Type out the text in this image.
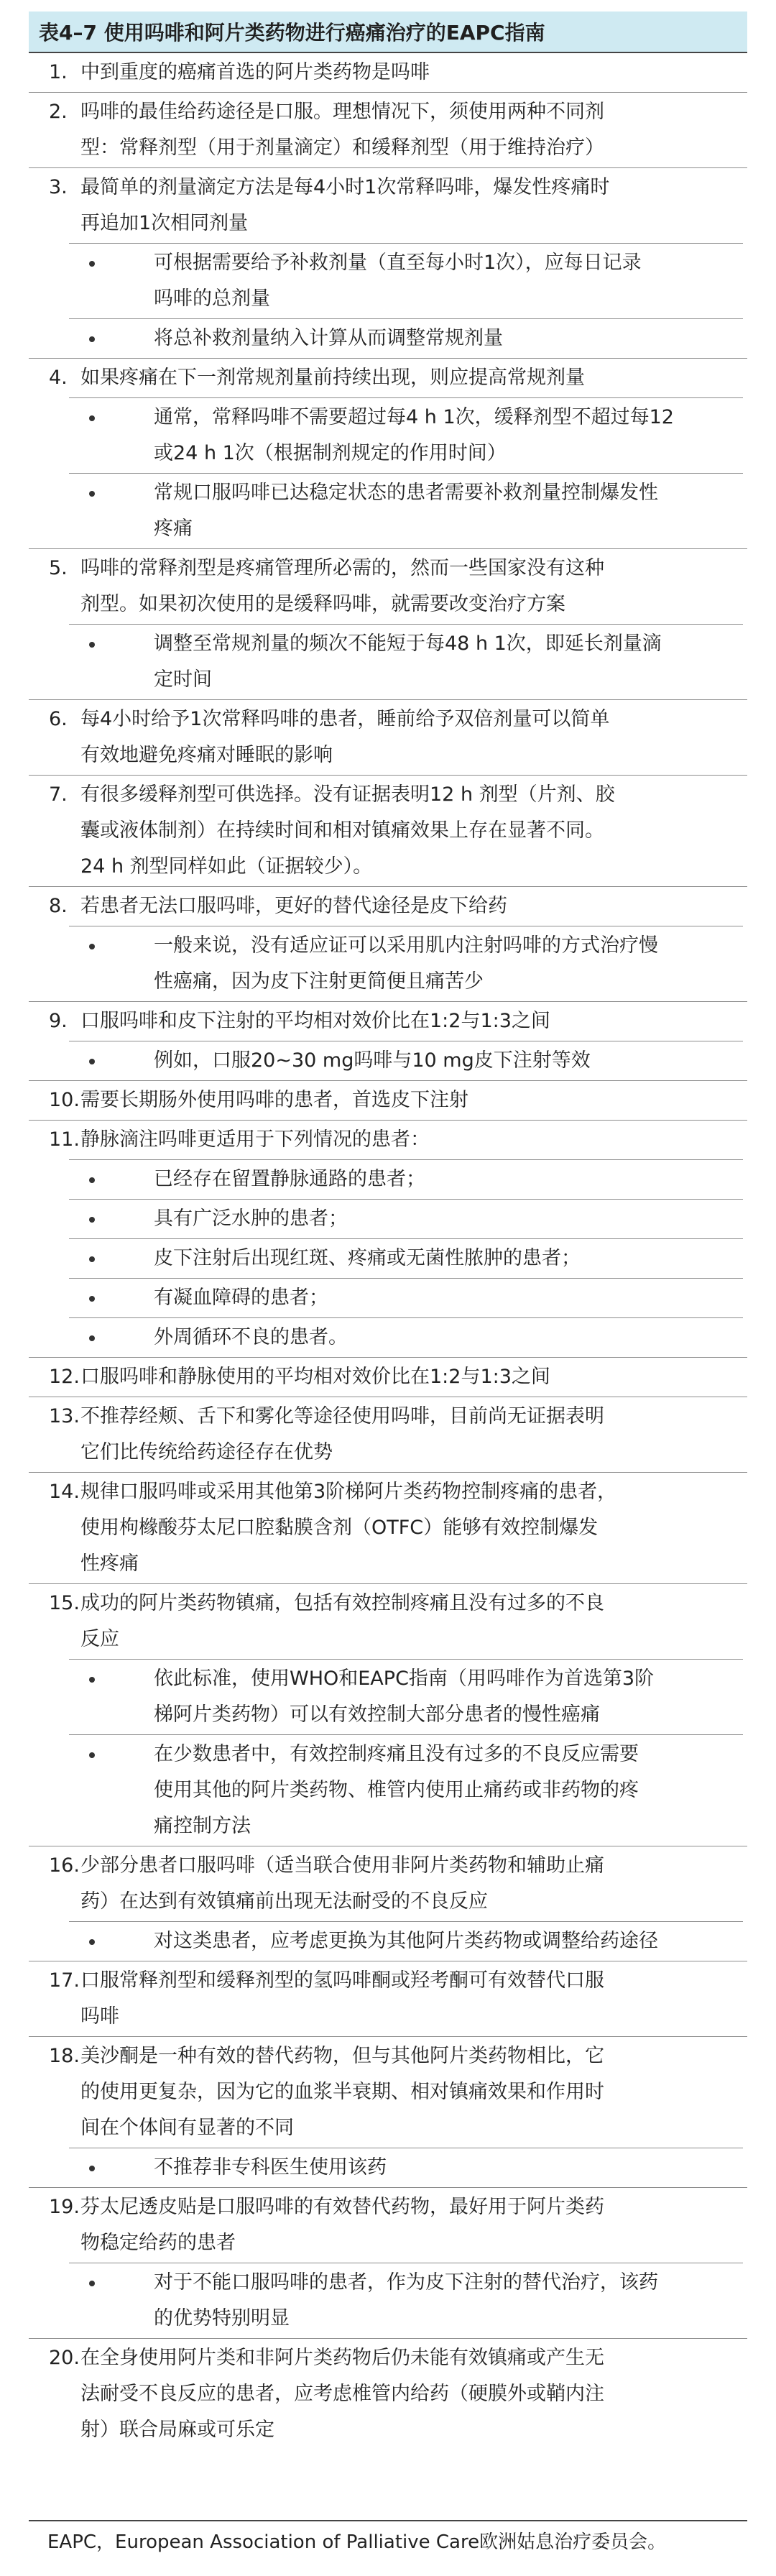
表4–7 使用吗啡和阿片类药物进行癌痛治疗的EAPC指南
1. 中到重度的癌痛首选的阿片类药物是吗啡
2. 吗啡的最佳给药途径是口服。理想情况下，须使用两种不同剂
型：常释剂型（用于剂量滴定）和缓释剂型（用于维持治疗）
3. 最简单的剂量滴定方法是每4小时1次常释吗啡，爆发性疼痛时
再追加1次相同剂量
可根据需要给予补救剂量（直至每小时1次），应每日记录
吗啡的总剂量
将总补救剂量纳入计算从而调整常规剂量
4. 如果疼痛在下一剂常规剂量前持续出现，则应提高常规剂量
通常，常释吗啡不需要超过每4 h 1次，缓释剂型不超过每12
或24 h 1次（根据制剂规定的作用时间）
常规口服吗啡已达稳定状态的患者需要补救剂量控制爆发性
疼痛
5. 吗啡的常释剂型是疼痛管理所必需的，然而一些国家没有这种
剂型。如果初次使用的是缓释吗啡，就需要改变治疗方案
调整至常规剂量的频次不能短于每48 h 1次，即延长剂量滴
定时间
6. 每4小时给予1次常释吗啡的患者，睡前给予双倍剂量可以简单
有效地避免疼痛对睡眠的影响
7. 有很多缓释剂型可供选择。没有证据表明12 h 剂型（片剂、胶
囊或液体制剂）在持续时间和相对镇痛效果上存在显著不同。
24 h 剂型同样如此（证据较少）。
8. 若患者无法口服吗啡，更好的替代途径是皮下给药
一般来说，没有适应证可以采用肌内注射吗啡的方式治疗慢
性癌痛，因为皮下注射更简便且痛苦少
9. 口服吗啡和皮下注射的平均相对效价比在1:2与1:3之间
例如，口服20~30 mg吗啡与10 mg皮下注射等效
10. 需要长期肠外使用吗啡的患者，首选皮下注射
11. 静脉滴注吗啡更适用于下列情况的患者：
已经存在留置静脉通路的患者；
具有广泛水肿的患者；
皮下注射后出现红斑、疼痛或无菌性脓肿的患者；
有凝血障碍的患者；
外周循环不良的患者。
12. 口服吗啡和静脉使用的平均相对效价比在1:2与1:3之间
13. 不推荐经颊、舌下和雾化等途径使用吗啡，目前尚无证据表明
它们比传统给药途径存在优势
14. 规律口服吗啡或采用其他第3阶梯阿片类药物控制疼痛的患者，
使用枸橼酸芬太尼口腔黏膜含剂（OTFC）能够有效控制爆发
性疼痛
15. 成功的阿片类药物镇痛，包括有效控制疼痛且没有过多的不良
反应
依此标准，使用WHO和EAPC指南（用吗啡作为首选第3阶
梯阿片类药物）可以有效控制大部分患者的慢性癌痛
在少数患者中，有效控制疼痛且没有过多的不良反应需要
使用其他的阿片类药物、椎管内使用止痛药或非药物的疼
痛控制方法
16. 少部分患者口服吗啡（适当联合使用非阿片类药物和辅助止痛
药）在达到有效镇痛前出现无法耐受的不良反应
对这类患者，应考虑更换为其他阿片类药物或调整给药途径
17. 口服常释剂型和缓释剂型的氢吗啡酮或羟考酮可有效替代口服
吗啡
18. 美沙酮是一种有效的替代药物，但与其他阿片类药物相比，它
的使用更复杂，因为它的血浆半衰期、相对镇痛效果和作用时
间在个体间有显著的不同
不推荐非专科医生使用该药
19. 芬太尼透皮贴是口服吗啡的有效替代药物，最好用于阿片类药
物稳定给药的患者
对于不能口服吗啡的患者，作为皮下注射的替代治疗，该药
的优势特别明显
20. 在全身使用阿片类和非阿片类药物后仍未能有效镇痛或产生无
法耐受不良反应的患者，应考虑椎管内给药（硬膜外或鞘内注
射）联合局麻或可乐定
EAPC，European Association of Palliative Care欧洲姑息治疗委员会。
